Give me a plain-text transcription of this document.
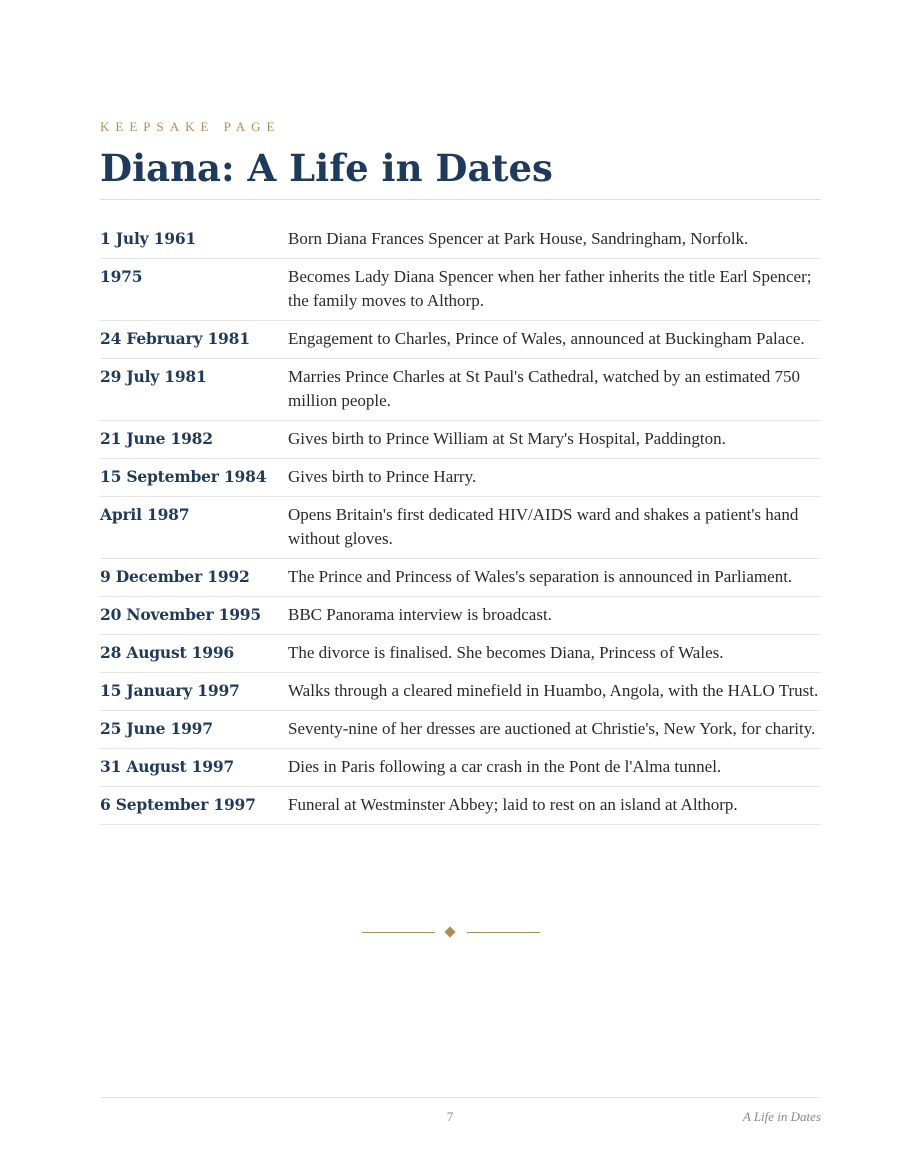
KEEPSAKE PAGE
Diana: A Life in Dates
1 July 1961	Born Diana Frances Spencer at Park House, Sandringham, Norfolk.
1975	Becomes Lady Diana Spencer when her father inherits the title Earl Spencer; the family moves to Althorp.
24 February 1981	Engagement to Charles, Prince of Wales, announced at Buckingham Palace.
29 July 1981	Marries Prince Charles at St Paul's Cathedral, watched by an estimated 750 million people.
21 June 1982	Gives birth to Prince William at St Mary's Hospital, Paddington.
15 September 1984	Gives birth to Prince Harry.
April 1987	Opens Britain's first dedicated HIV/AIDS ward and shakes a patient's hand without gloves.
9 December 1992	The Prince and Princess of Wales's separation is announced in Parliament.
20 November 1995	BBC Panorama interview is broadcast.
28 August 1996	The divorce is finalised. She becomes Diana, Princess of Wales.
15 January 1997	Walks through a cleared minefield in Huambo, Angola, with the HALO Trust.
25 June 1997	Seventy-nine of her dresses are auctioned at Christie's, New York, for charity.
31 August 1997	Dies in Paris following a car crash in the Pont de l'Alma tunnel.
6 September 1997	Funeral at Westminster Abbey; laid to rest on an island at Althorp.
7	A Life in Dates
